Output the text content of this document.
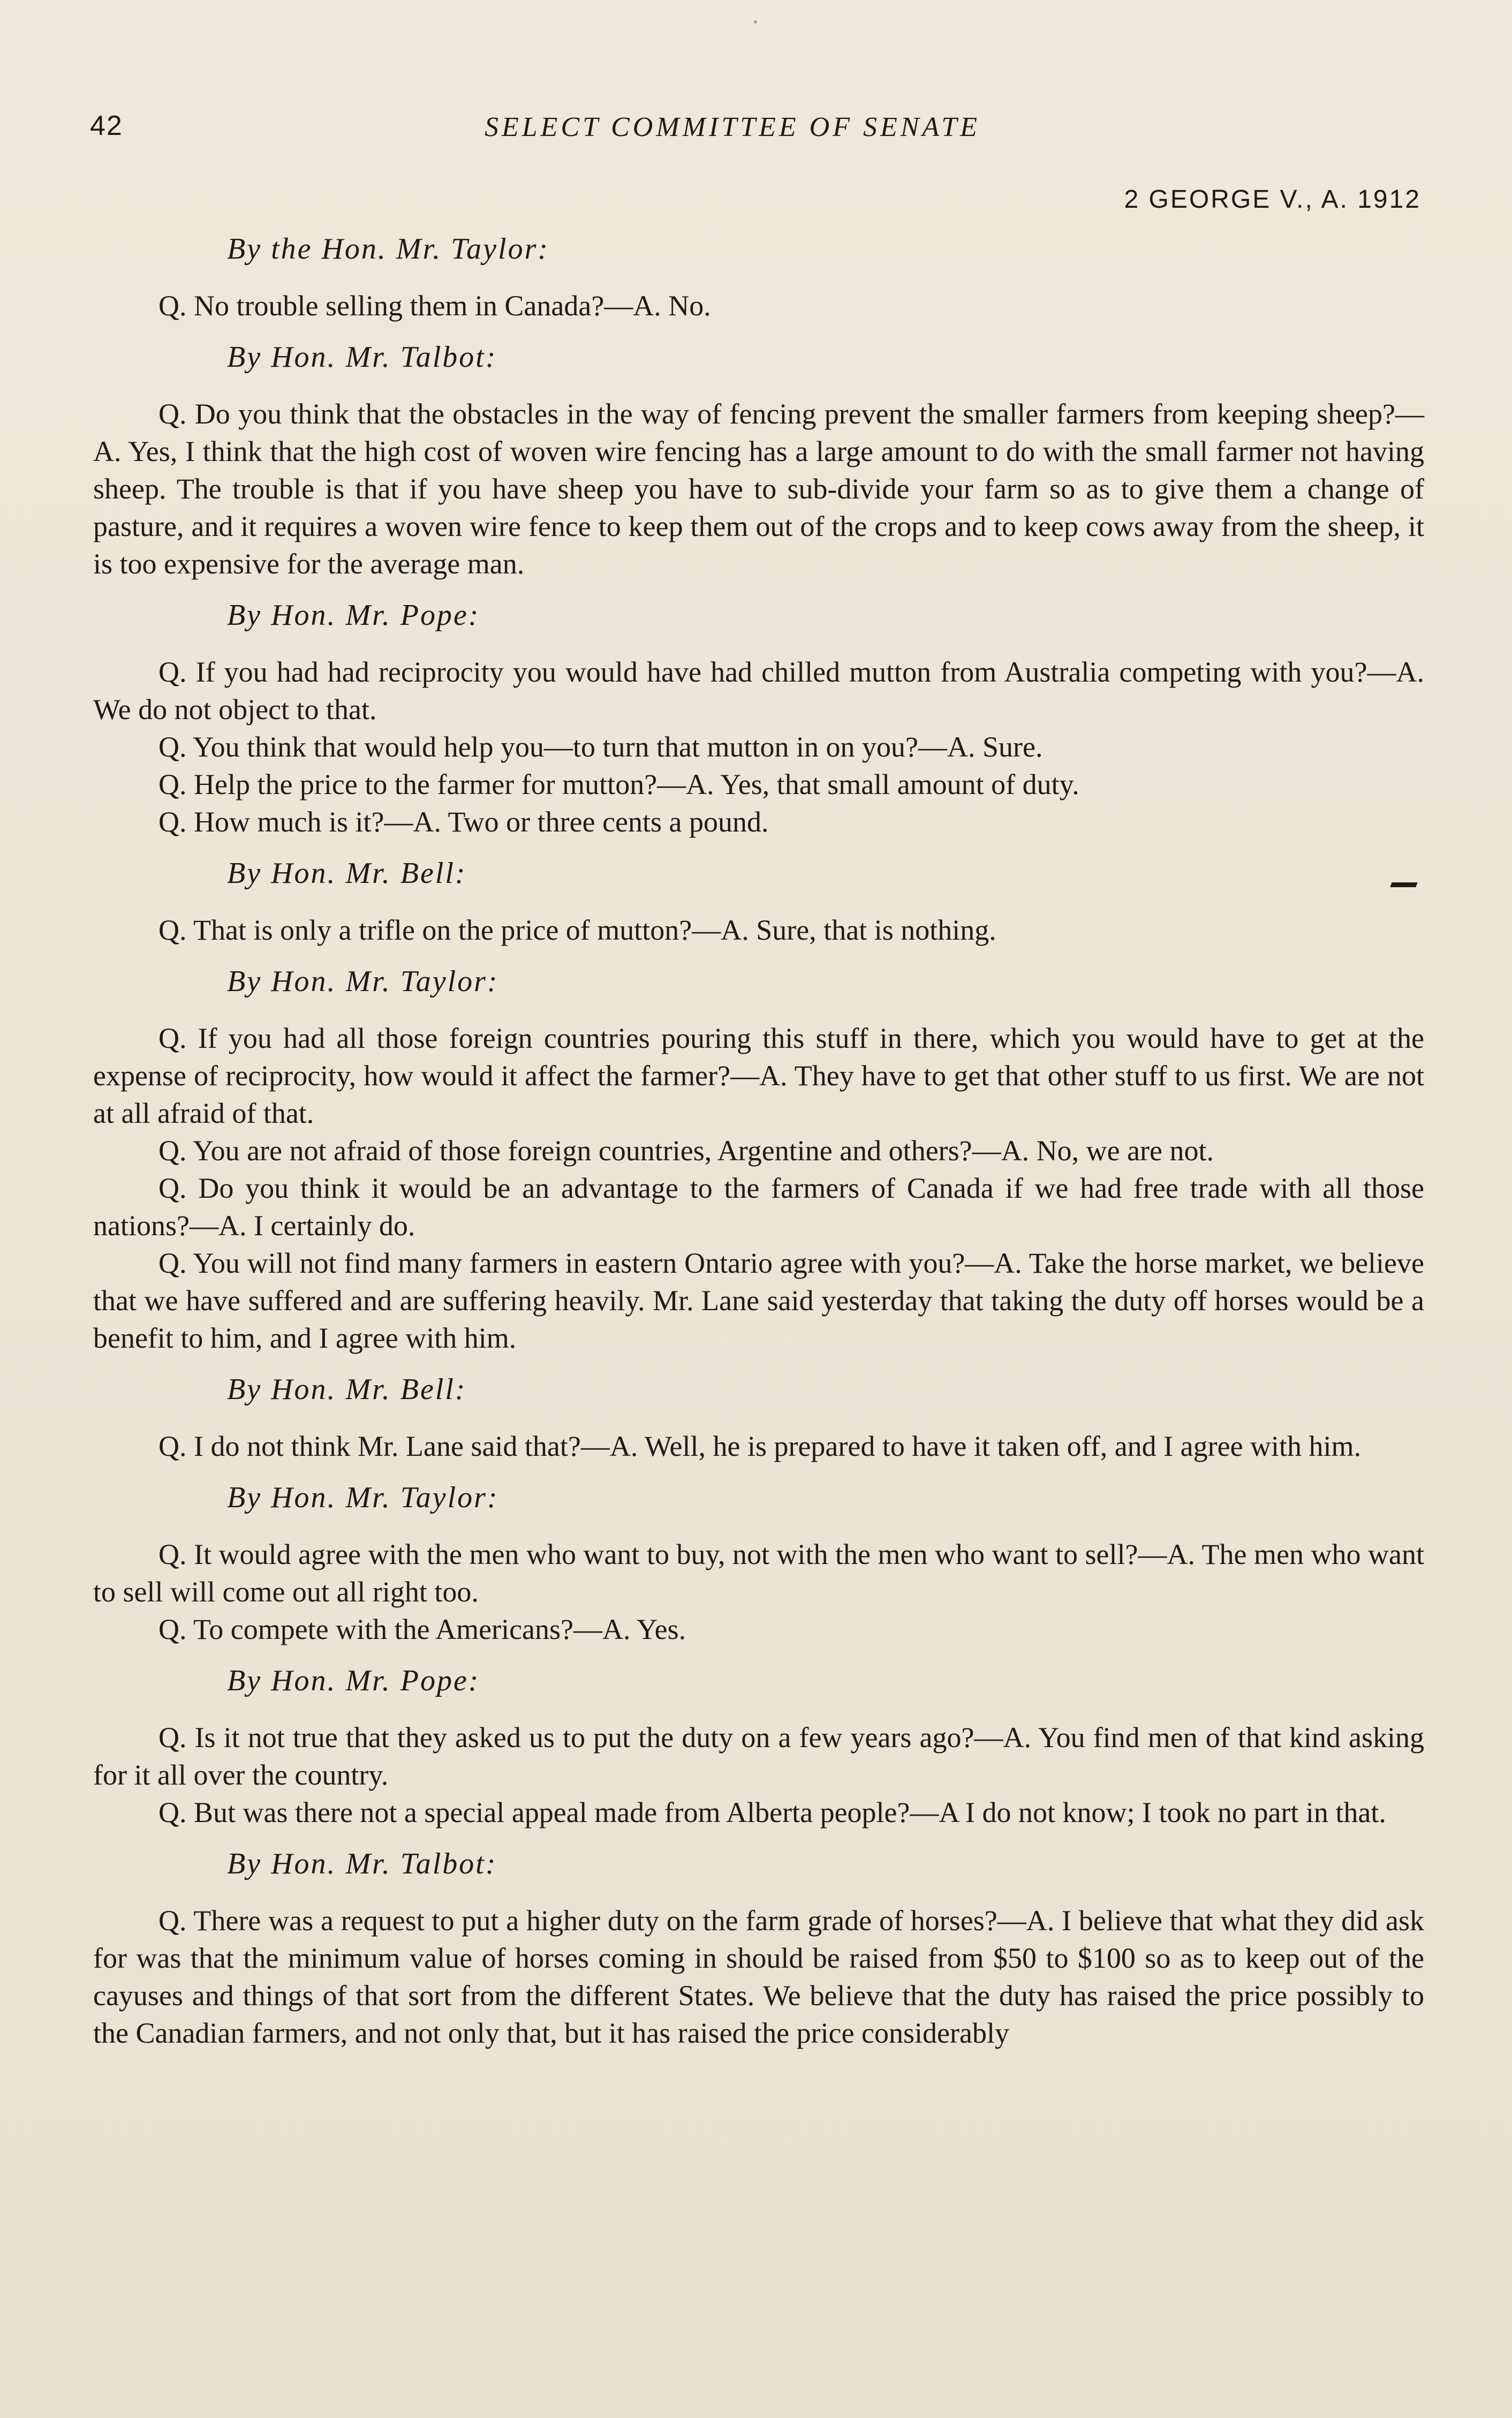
42	SELECT COMMITTEE OF SENATE
2 GEORGE V., A. 1912
By the Hon. Mr. Taylor:

Q. No trouble selling them in Canada?—A. No.

By Hon. Mr. Talbot:

Q. Do you think that the obstacles in the way of fencing prevent the smaller farmers from keeping sheep?—A. Yes, I think that the high cost of woven wire fencing has a large amount to do with the small farmer not having sheep. The trouble is that if you have sheep you have to sub-divide your farm so as to give them a change of pasture, and it requires a woven wire fence to keep them out of the crops and to keep cows away from the sheep, it is too expensive for the average man.

By Hon. Mr. Pope:

Q. If you had had reciprocity you would have had chilled mutton from Australia competing with you?—A. We do not object to that.

Q. You think that would help you—to turn that mutton in on you?—A. Sure.

Q. Help the price to the farmer for mutton?—A. Yes, that small amount of duty.

Q. How much is it?—A. Two or three cents a pound.

By Hon. Mr. Bell:

Q. That is only a trifle on the price of mutton?—A. Sure, that is nothing.

By Hon. Mr. Taylor:

Q. If you had all those foreign countries pouring this stuff in there, which you would have to get at the expense of reciprocity, how would it affect the farmer?—A. They have to get that other stuff to us first. We are not at all afraid of that.

Q. You are not afraid of those foreign countries, Argentine and others?—A. No, we are not.

Q. Do you think it would be an advantage to the farmers of Canada if we had free trade with all those nations?—A. I certainly do.

Q. You will not find many farmers in eastern Ontario agree with you?—A. Take the horse market, we believe that we have suffered and are suffering heavily. Mr. Lane said yesterday that taking the duty off horses would be a benefit to him, and I agree with him.

By Hon. Mr. Bell:

Q. I do not think Mr. Lane said that?—A. Well, he is prepared to have it taken off, and I agree with him.

By Hon. Mr. Taylor:

Q. It would agree with the men who want to buy, not with the men who want to sell?—A. The men who want to sell will come out all right too.

Q. To compete with the Americans?—A. Yes.

By Hon. Mr. Pope:

Q. Is it not true that they asked us to put the duty on a few years ago?—A. You find men of that kind asking for it all over the country.

Q. But was there not a special appeal made from Alberta people?—A I do not know; I took no part in that.

By Hon. Mr. Talbot:

Q. There was a request to put a higher duty on the farm grade of horses?—A. I believe that what they did ask for was that the minimum value of horses coming in should be raised from $50 to $100 so as to keep out of the cayuses and things of that sort from the different States. We believe that the duty has raised the price possibly to the Canadian farmers, and not only that, but it has raised the price considerably
